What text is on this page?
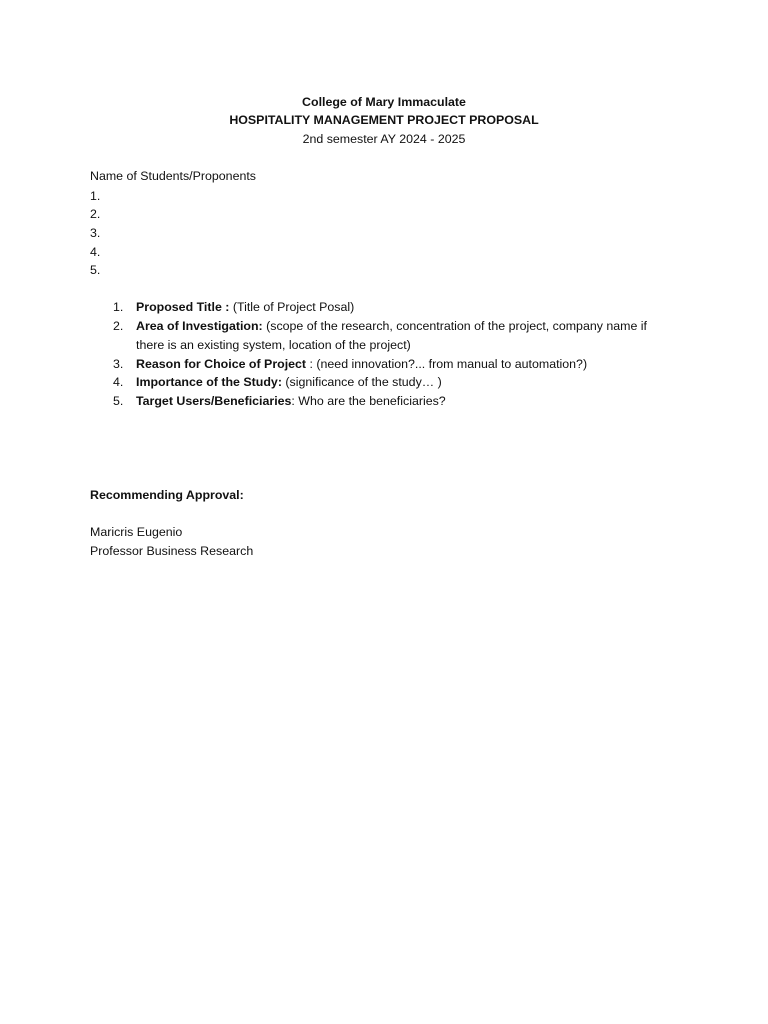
College of Mary Immaculate
HOSPITALITY MANAGEMENT PROJECT PROPOSAL
2nd semester AY 2024 - 2025
Name of Students/Proponents
1.
2.
3.
4.
5.
1. Proposed Title : (Title of Project Posal)
2. Area of Investigation: (scope of the research, concentration of the project, company name if
there is an existing system, location of the project)
3. Reason for Choice of Project : (need innovation?... from manual to automation?)
4. Importance of the Study: (significance of the study… )
5. Target Users/Beneficiaries: Who are the beneficiaries?
Recommending Approval:
Maricris Eugenio
Professor Business Research
